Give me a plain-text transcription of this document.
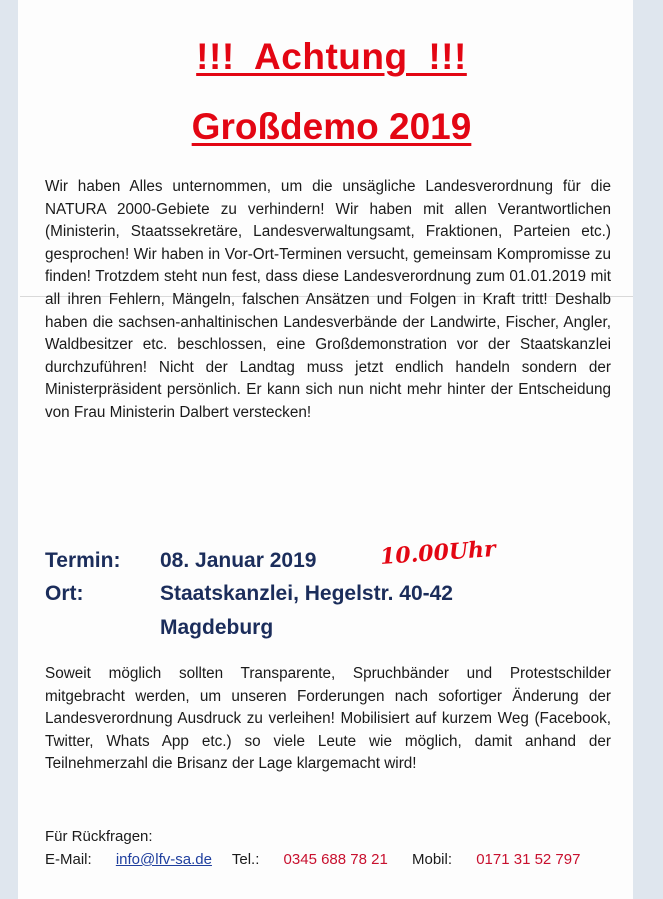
!!! Achtung !!!
Großdemo 2019

Wir haben Alles unternommen, um die unsägliche Landesverordnung für die NATURA 2000-Gebiete zu verhindern! Wir haben mit allen Verantwortlichen (Ministerin, Staatssekretäre, Landesverwaltungsamt, Fraktionen, Parteien etc.) gesprochen! Wir haben in Vor-Ort-Terminen versucht, gemeinsam Kompromisse zu finden! Trotzdem steht nun fest, dass diese Landesverordnung zum 01.01.2019 mit all ihren Fehlern, Mängeln, falschen Ansätzen und Folgen in Kraft tritt! Deshalb haben die sachsen-anhaltinischen Landesverbände der Landwirte, Fischer, Angler, Waldbesitzer etc. beschlossen, eine Großdemonstration vor der Staatskanzlei durchzuführen! Nicht der Landtag muss jetzt endlich handeln sondern der Ministerpräsident persönlich. Er kann sich nun nicht mehr hinter der Entscheidung von Frau Ministerin Dalbert verstecken!

Termin: 08. Januar 2019	10.00Uhr
Ort:	Staatskanzlei, Hegelstr. 40-42
Magdeburg

Soweit möglich sollten Transparente, Spruchbänder und Protestschilder mitgebracht werden, um unseren Forderungen nach sofortiger Änderung der Landesverordnung Ausdruck zu verleihen! Mobilisiert auf kurzem Weg (Facebook, Twitter, Whats App etc.) so viele Leute wie möglich, damit anhand der Teilnehmerzahl die Brisanz der Lage klargemacht wird!

Für Rückfragen:

E-Mail: info@lfv-sa.de Tel.: 0345 688 78 21 Mobil: 0171 31 52 797
